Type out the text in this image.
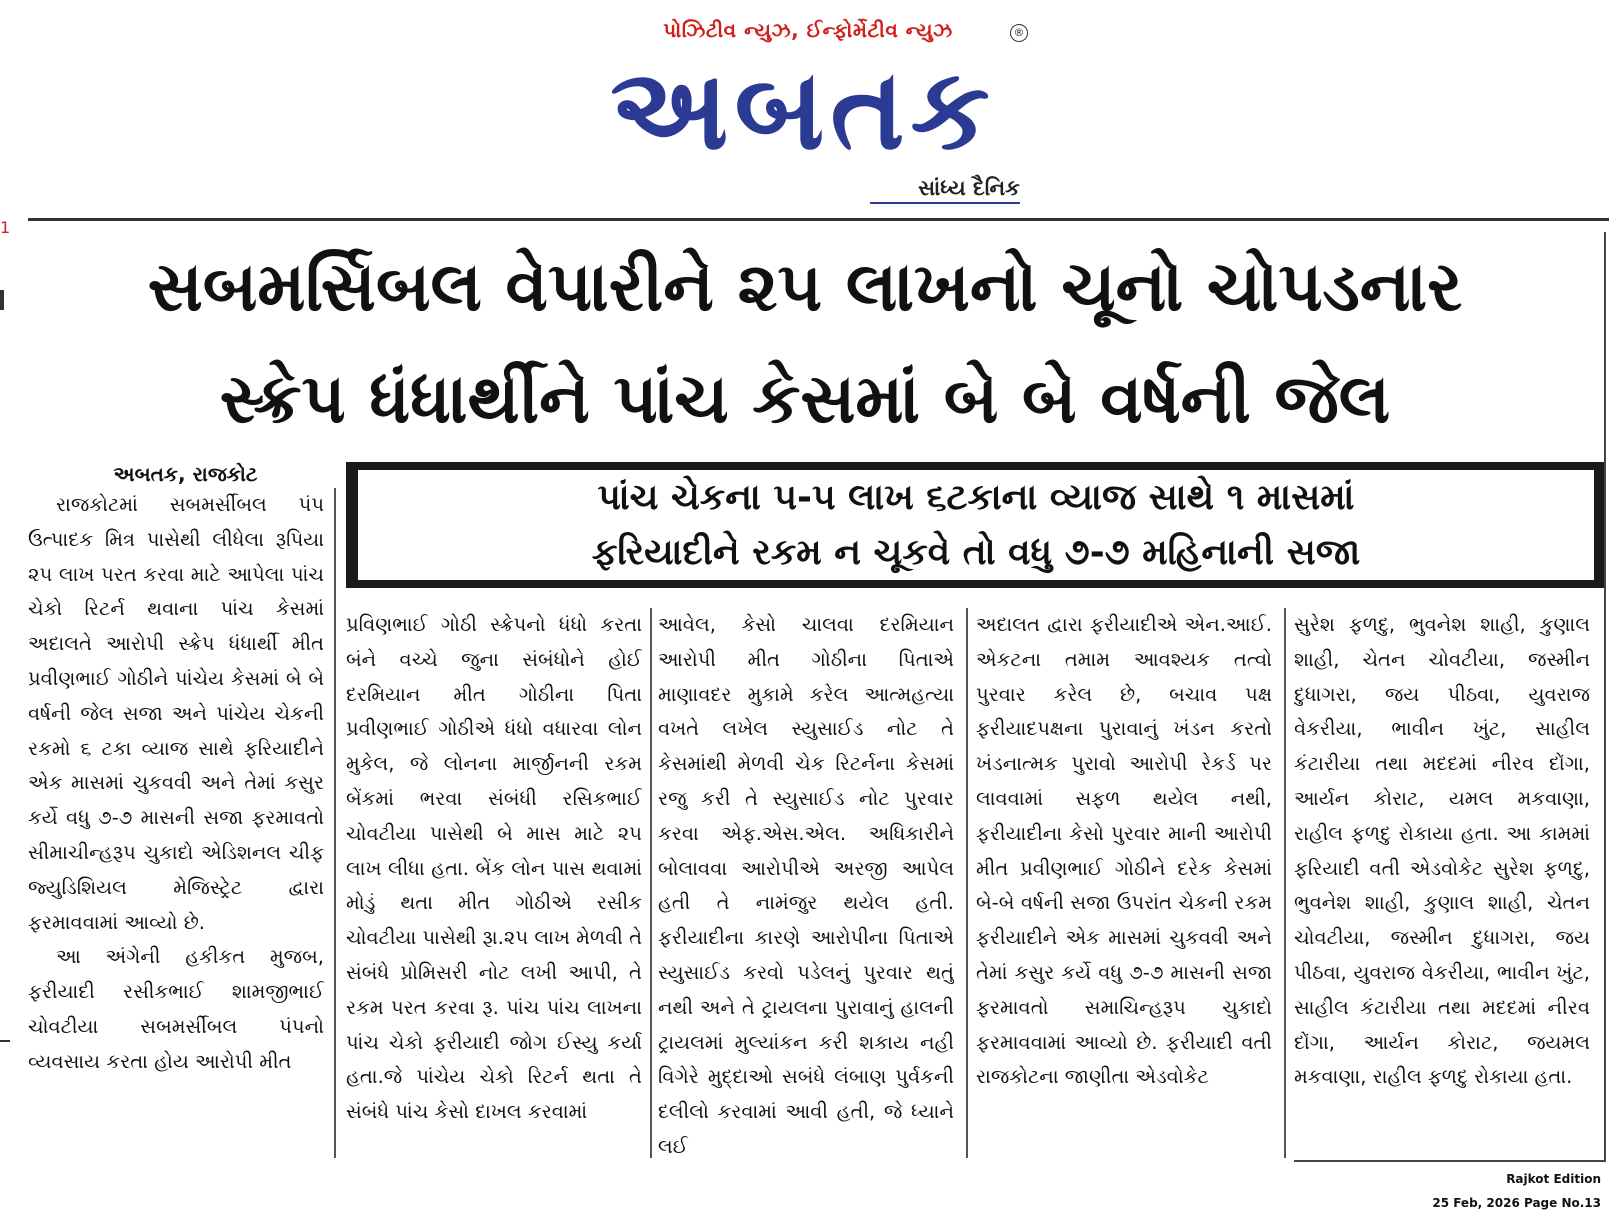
પોઝિટીવ ન્યુઝ, ઈન્ફોર્મેટીવ ન્યુઝ
અબતક
®
સાંધ્ય દૈનિક
1
સબમર્સિબલ વેપારીને ૨૫ લાખનો ચૂનો ચોપડનાર
સ્ક્રેપ ધંધાર્થીને પાંચ કેસમાં બે બે વર્ષની જેલ
અબતક, રાજકોટ
પાંચ ચેકના ૫-૫ લાખ ૬ટકાના વ્યાજ સાથે ૧ માસમાં
ફરિયાદીને રકમ ન ચૂકવે તો વધુ ૭-૭ મહિનાની સજા

રાજકોટમાં સબમર્સીબલ પંપ ઉત્પાદક મિત્ર પાસેથી લીધેલા રૂપિયા ૨૫ લાખ પરત કરવા માટે આપેલા પાંચ ચેકો રિટર્ન થવાના પાંચ કેસમાં અદાલતે આરોપી સ્ક્રેપ ધંધાર્થી મીત પ્રવીણભાઈ ગોઠીને પાંચેય કેસમાં બે બે વર્ષની જેલ સજા અને પાંચેય ચેકની રકમો ૬ ટકા વ્યાજ સાથે ફરિયાદીને એક માસમાં ચુકવવી અને તેમાં કસુર કર્યે વધુ ૭-૭ માસની સજા ફરમાવતો સીમાચીન્હરૂપ ચુકાદો એડિશનલ ચીફ જ્યુડિશિયલ મેજિસ્ટ્રેટ દ્વારા ફરમાવવામાં આવ્યો છે.

આ અંગેની હકીકત મુજબ, ફરીયાદી રસીકભાઈ શામજીભાઈ ચોવટીયા સબમર્સીબલ પંપનો વ્યવસાય કરતા હોય આરોપી મીત

પ્રવિણભાઈ ગોઠી સ્ક્રેપનો ધંધો કરતા બંને વચ્ચે જુના સંબંધોને હોઈ દરમિયાન મીત ગોઠીના પિતા પ્રવીણભાઈ ગોઠીએ ધંધો વધારવા લોન મુકેલ, જે લોનના માર્જીનની રકમ બેંકમાં ભરવા સંબંધી રસિકભાઈ ચોવટીયા પાસેથી બે માસ માટે ૨૫ લાખ લીધા હતા. બેંક લોન પાસ થવામાં મોડું થતા મીત ગોઠીએ રસીક ચોવટીયા પાસેથી રૂા.૨૫ લાખ મેળવી તે સંબંધે પ્રોમિસરી નોટ લખી આપી, તે રકમ પરત કરવા રૂ. પાંચ પાંચ લાખના પાંચ ચેકો ફરીયાદી જોગ ઈસ્યુ કર્યા હતા.જે પાંચેય ચેકો રિટર્ન થતા તે સંબંધે પાંચ કેસો દાખલ કરવામાં

આવેલ, કેસો ચાલવા દરમિયાન આરોપી મીત ગોઠીના પિતાએ માણાવદર મુકામે કરેલ આત્મહત્યા વખતે લખેલ સ્યુસાઈડ નોટ તે કેસમાંથી મેળવી ચેક રિટર્નના કેસમાં રજુ કરી તે સ્યુસાઈડ નોટ પુરવાર કરવા એફ.એસ.એલ. અધિકારીને બોલાવવા આરોપીએ અરજી આપેલ હતી તે નામંજુર થયેલ હતી. ફરીયાદીના કારણે આરોપીના પિતાએ સ્યુસાઈડ કરવો પડેલનું પુરવાર થતું નથી અને તે ટ્રાયલના પુરાવાનું હાલની ટ્રાયલમાં મુલ્યાંકન કરી શકાય નહી વિગેરે મુદ્દાઓ સબંધે લંબાણ પુર્વકની દલીલો કરવામાં આવી હતી, જે ધ્યાને લઈ

અદાલત દ્વારા ફરીયાદીએ એન.આઈ. એકટના તમામ આવશ્યક તત્વો પુરવાર કરેલ છે, બચાવ પક્ષ ફરીયાદપક્ષના પુરાવાનું ખંડન કરતો ખંડનાત્મક પુરાવો આરોપી રેકર્ડ પર લાવવામાં સફળ થયેલ નથી, ફરીયાદીના કેસો પુરવાર માની આરોપી મીત પ્રવીણભાઈ ગોઠીને દરેક કેસમાં બે-બે વર્ષની સજા ઉપરાંત ચેકની રકમ ફરીયાદીને એક માસમાં ચુકવવી અને તેમાં કસુર કર્યે વધુ ૭-૭ માસની સજા ફરમાવતો સમાચિન્હરૂપ ચુકાદો ફરમાવવામાં આવ્યો છે. ફરીયાદી વતી રાજકોટના જાણીતા એડવોકેટ

સુરેશ ફળદુ, ભુવનેશ શાહી, કુણાલ શાહી, ચેતન ચોવટીયા, જસ્મીન દુધાગરા, જય પીઠવા, યુવરાજ વેકરીયા, ભાવીન ખુંટ, સાહીલ કંટારીયા તથા મદદમાં નીરવ દોંગા, આર્યન કોરાટ, યમલ મકવાણા, રાહીલ ફળદુ રોકાયા હતા. આ કામમાં ફરિયાદી વતી એડવોકેટ સુરેશ ફળદુ, ભુવનેશ શાહી, કુણાલ શાહી, ચેતન ચોવટીયા, જસ્મીન દુધાગરા, જય પીઠવા, યુવરાજ વેકરીયા, ભાવીન ખુંટ, સાહીલ કંટારીયા તથા મદદમાં નીરવ દોંગા, આર્યન કોરાટ, જયમલ મકવાણા, રાહીલ ફળદુ રોકાયા હતા.

Rajkot Edition
25 Feb, 2026 Page No.13
